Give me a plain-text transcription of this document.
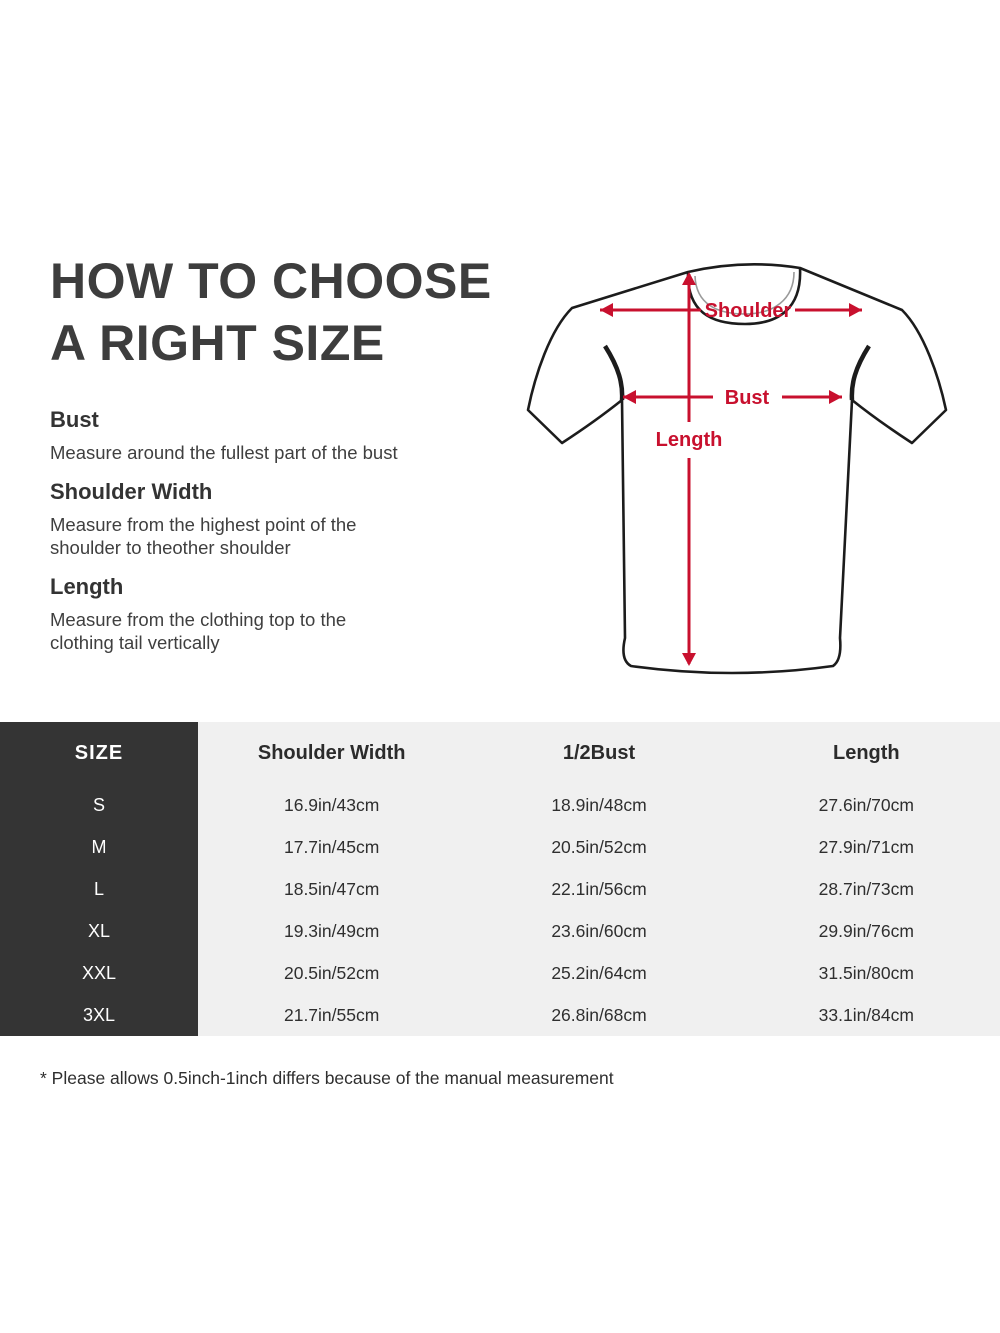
HOW TO CHOOSE
A RIGHT SIZE

Bust

Measure around the fullest part of the bust

Shoulder Width

Measure from the highest point of the

shoulder to theother shoulder

Length

Measure from the clothing top to the

clothing tail vertically

Shoulder
Bust
Length
SIZE	Shoulder Width	1/2Bust	Length
S	16.9in/43cm	18.9in/48cm	27.6in/70cm
M	17.7in/45cm	20.5in/52cm	27.9in/71cm
L	18.5in/47cm	22.1in/56cm	28.7in/73cm
XL	19.3in/49cm	23.6in/60cm	29.9in/76cm
XXL	20.5in/52cm	25.2in/64cm	31.5in/80cm
3XL	21.7in/55cm	26.8in/68cm	33.1in/84cm
* Please allows 0.5inch-1inch differs because of the manual measurement
